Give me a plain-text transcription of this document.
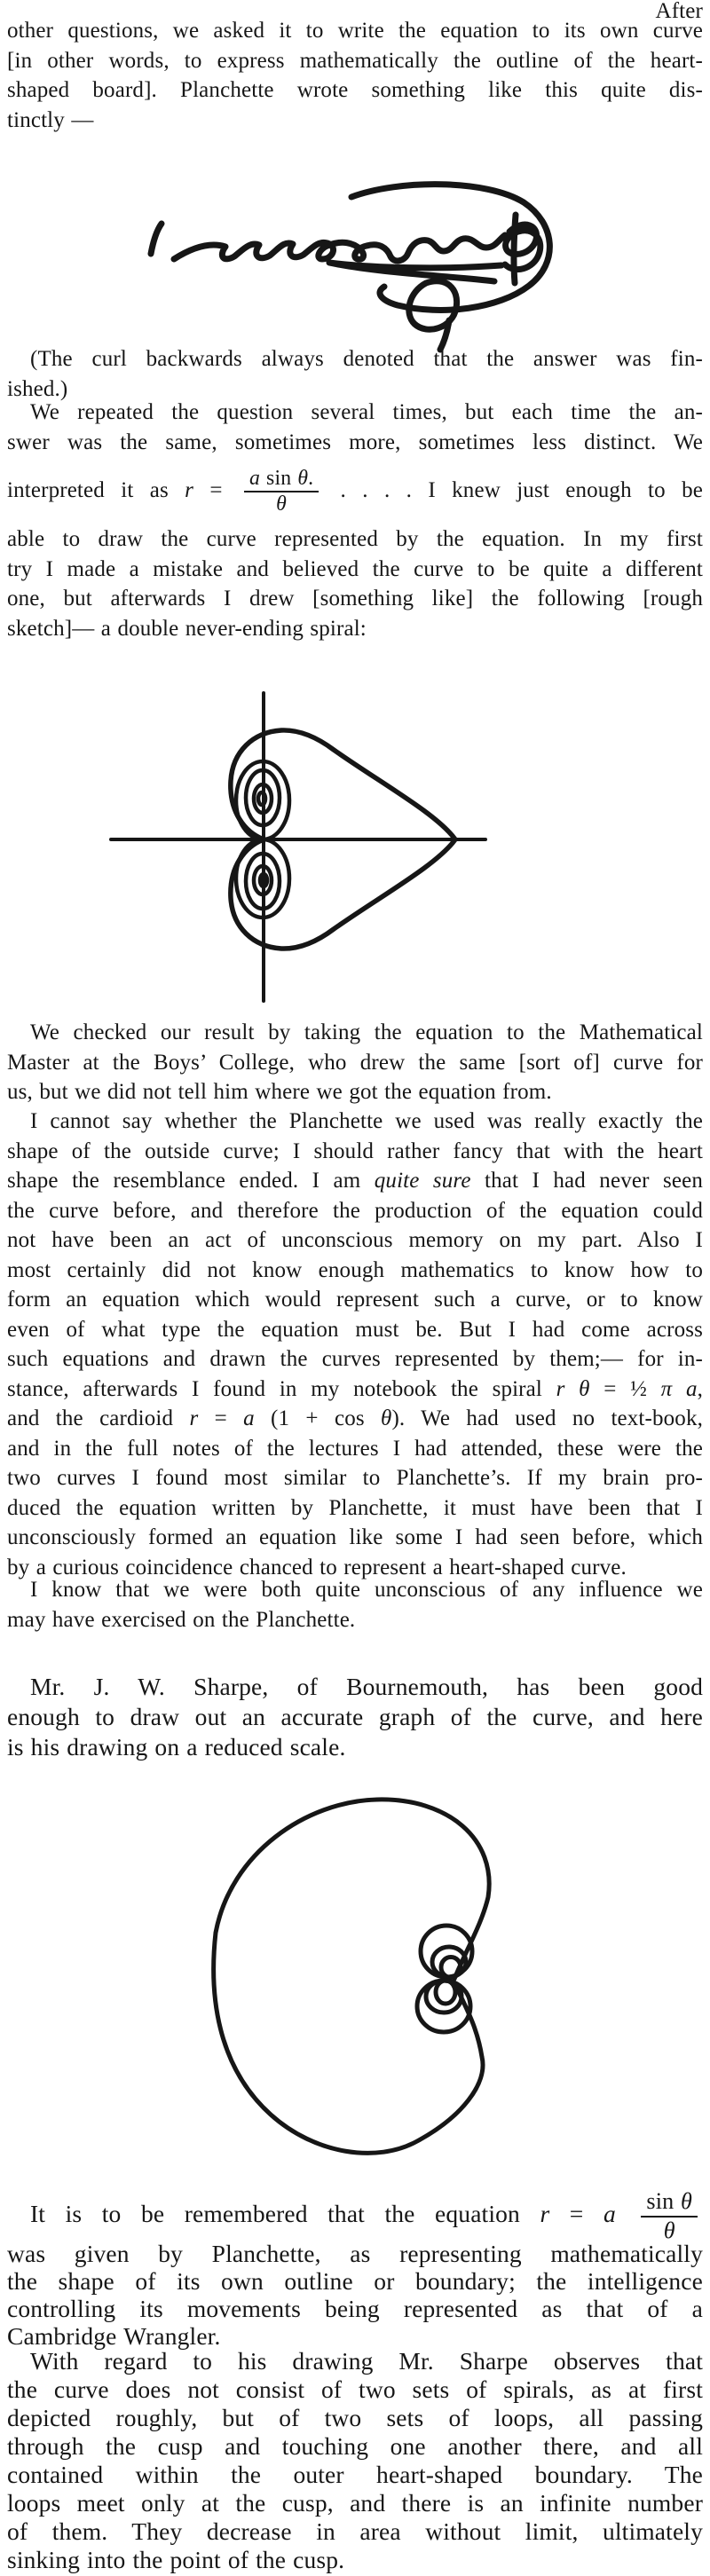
After
other questions, we asked it to write the equation to its own curve
[in other words, to express mathematically the outline of the heart-
shaped board]. Planchette wrote something like this quite dis-
tinctly —
(The curl backwards always denoted that the answer was fin-
ished.)
We repeated the question several times, but each time the an-
swer was the same, sometimes more, sometimes less distinct. We
interpreted it as $r = \frac{\text{a sin θ.}}{\theta}$ . . . . I knew just enough to be
able to draw the curve represented by the equation. In my first
try I made a mistake and believed the curve to be quite a different
one, but afterwards I drew [something like] the following [rough
sketch]— a double never-ending spiral:
We checked our result by taking the equation to the Mathematical
Master at the Boys’ College, who drew the same [sort of] curve for
us, but we did not tell him where we got the equation from.
I cannot say whether the Planchette we used was really exactly the
shape of the outside curve; I should rather fancy that with the heart
shape the resemblance ended. I am quite sure that I had never seen
the curve before, and therefore the production of the equation could
not have been an act of unconscious memory on my part. Also I
most certainly did not know enough mathematics to know how to
form an equation which would represent such a curve, or to know
even of what type the equation must be. But I had come across
such equations and drawn the curves represented by them;— for in-
stance, afterwards I found in my notebook the spiral r θ = ½ π a,
and the cardioid r = a (1 + cos θ). We had used no text-book,
and in the full notes of the lectures I had attended, these were the
two curves I found most similar to Planchette’s. If my brain pro-
duced the equation written by Planchette, it must have been that I
unconsciously formed an equation like some I had seen before, which
by a curious coincidence chanced to represent a heart-shaped curve.
I know that we were both quite unconscious of any influence we
may have exercised on the Planchette.
Mr. J. W. Sharpe, of Bournemouth, has been good
enough to draw out an accurate graph of the curve, and here
is his drawing on a reduced scale.
It is to be remembered that the equation r = a $\frac{\text{sin θ}}{\theta}$
was given by Planchette, as representing mathematically
the shape of its own outline or boundary; the intelligence
controlling its movements being represented as that of a
Cambridge Wrangler.
With regard to his drawing Mr. Sharpe observes that
the curve does not consist of two sets of spirals, as at first
depicted roughly, but of two sets of loops, all passing
through the cusp and touching one another there, and all
contained within the outer heart-shaped boundary. The
loops meet only at the cusp, and there is an infinite number
of them. They decrease in area without limit, ultimately
sinking into the point of the cusp.
